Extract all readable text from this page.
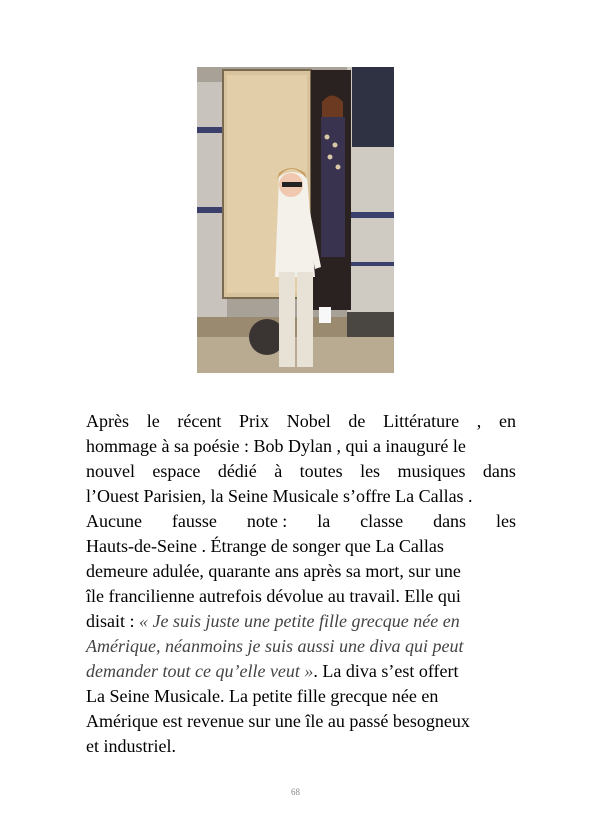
Après le récent Prix Nobel de Littérature , en
hommage à sa poésie : Bob Dylan , qui a inauguré le
nouvel espace dédié à toutes les musiques dans
l’Ouest Parisien, la Seine Musicale s’offre La Callas .
Aucune fausse note : la classe dans les
Hauts-de-Seine . Étrange de songer que La Callas
demeure adulée, quarante ans après sa mort, sur une
île francilienne autrefois dévolue au travail. Elle qui
disait : « Je suis juste une petite fille grecque née en
Amérique, néanmoins je suis aussi une diva qui peut
demander tout ce qu’elle veut ». La diva s’est offert
La Seine Musicale. La petite fille grecque née en
Amérique est revenue sur une île au passé besogneux
et industriel.
68
